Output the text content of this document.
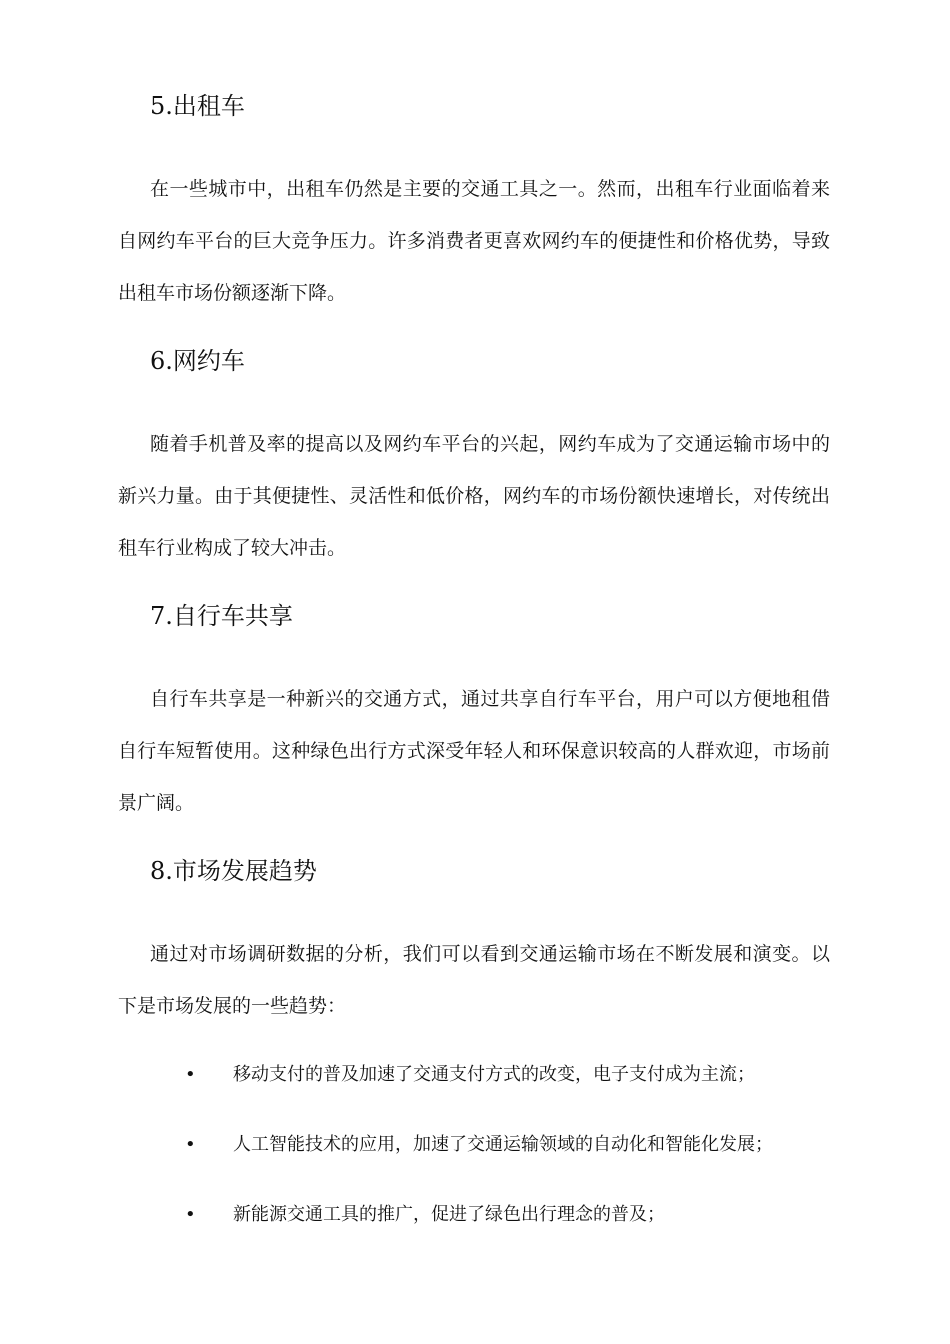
5.出租车

在一些城市中，出租车仍然是主要的交通工具之一。然而，出租车行业面临着来自网约车平台的巨大竞争压力。许多消费者更喜欢网约车的便捷性和价格优势，导致出租车市场份额逐渐下降。

6.网约车

随着手机普及率的提高以及网约车平台的兴起，网约车成为了交通运输市场中的新兴力量。由于其便捷性、灵活性和低价格，网约车的市场份额快速增长，对传统出租车行业构成了较大冲击。

7.自行车共享

自行车共享是一种新兴的交通方式，通过共享自行车平台，用户可以方便地租借自行车短暂使用。这种绿色出行方式深受年轻人和环保意识较高的人群欢迎，市场前景广阔。

8.市场发展趋势

通过对市场调研数据的分析，我们可以看到交通运输市场在不断发展和演变。以下是市场发展的一些趋势：

•	移动支付的普及加速了交通支付方式的改变，电子支付成为主流；
•	人工智能技术的应用，加速了交通运输领域的自动化和智能化发展；
•	新能源交通工具的推广，促进了绿色出行理念的普及；
